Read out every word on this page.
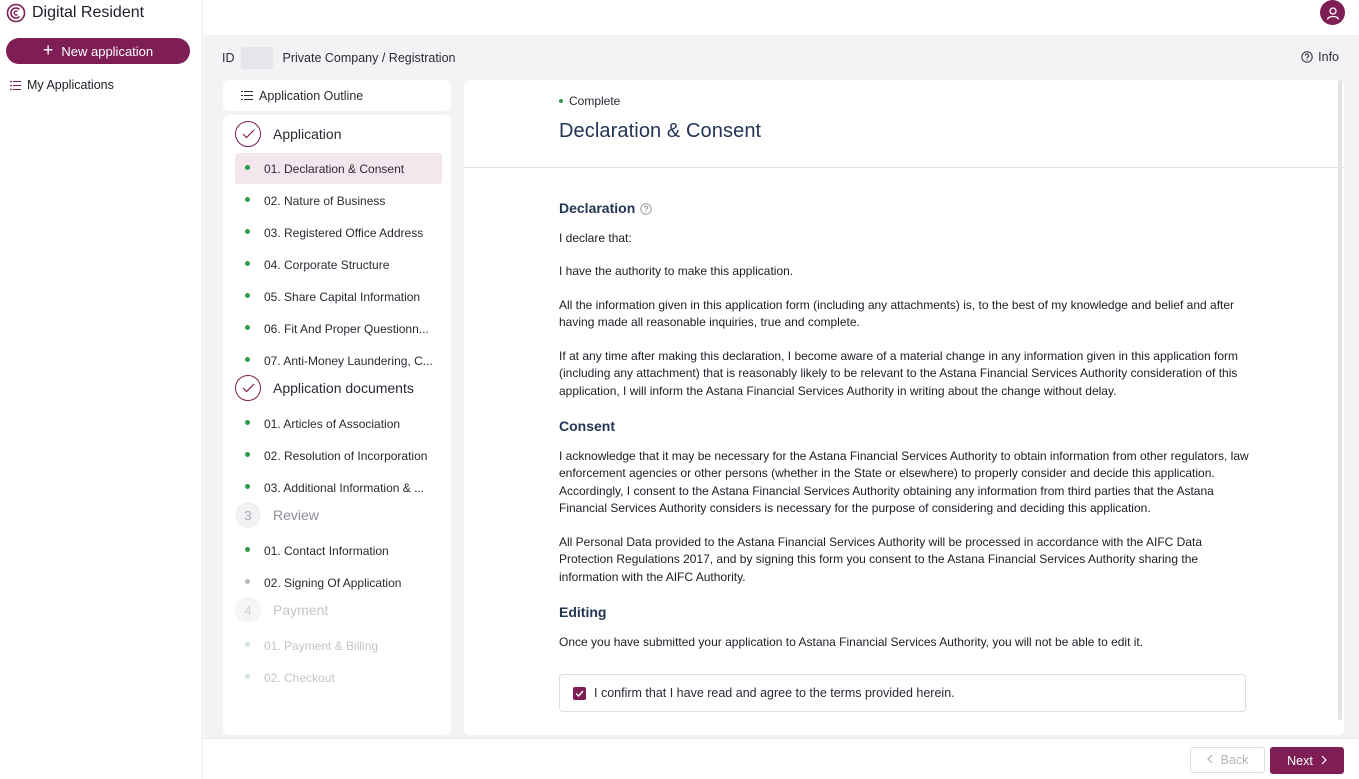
Digital Resident
+ New application
My Applications
ID	Private Company / Registration	Info
Application Outline
Application
01. Declaration & Consent
02. Nature of Business
03. Registered Office Address
04. Corporate Structure
05. Share Capital Information
06. Fit And Proper Questionn...
07. Anti-Money Laundering, C...
Application documents
01. Articles of Association
02. Resolution of Incorporation
03. Additional Information & ...
3	Review
01. Contact Information
02. Signing Of Application
4	Payment
01. Payment & Billing
02. Checkout
Complete
Declaration & Consent
Declaration

I declare that:

I have the authority to make this application.

All the information given in this application form (including any attachments) is, to the best of my knowledge and belief and after having made all reasonable inquiries, true and complete.

If at any time after making this declaration, I become aware of a material change in any information given in this application form (including any attachment) that is reasonably likely to be relevant to the Astana Financial Services Authority consideration of this application, I will inform the Astana Financial Services Authority in writing about the change without delay.

Consent

I acknowledge that it may be necessary for the Astana Financial Services Authority to obtain information from other regulators, law enforcement agencies or other persons (whether in the State or elsewhere) to properly consider and decide this application. Accordingly, I consent to the Astana Financial Services Authority obtaining any information from third parties that the Astana Financial Services Authority considers is necessary for the purpose of considering and deciding this application.

All Personal Data provided to the Astana Financial Services Authority will be processed in accordance with the AIFC Data Protection Regulations 2017, and by signing this form you consent to the Astana Financial Services Authority sharing the information with the AIFC Authority.

Editing

Once you have submitted your application to Astana Financial Services Authority, you will not be able to edit it.

I confirm that I have read and agree to the terms provided herein.
Back	Next
